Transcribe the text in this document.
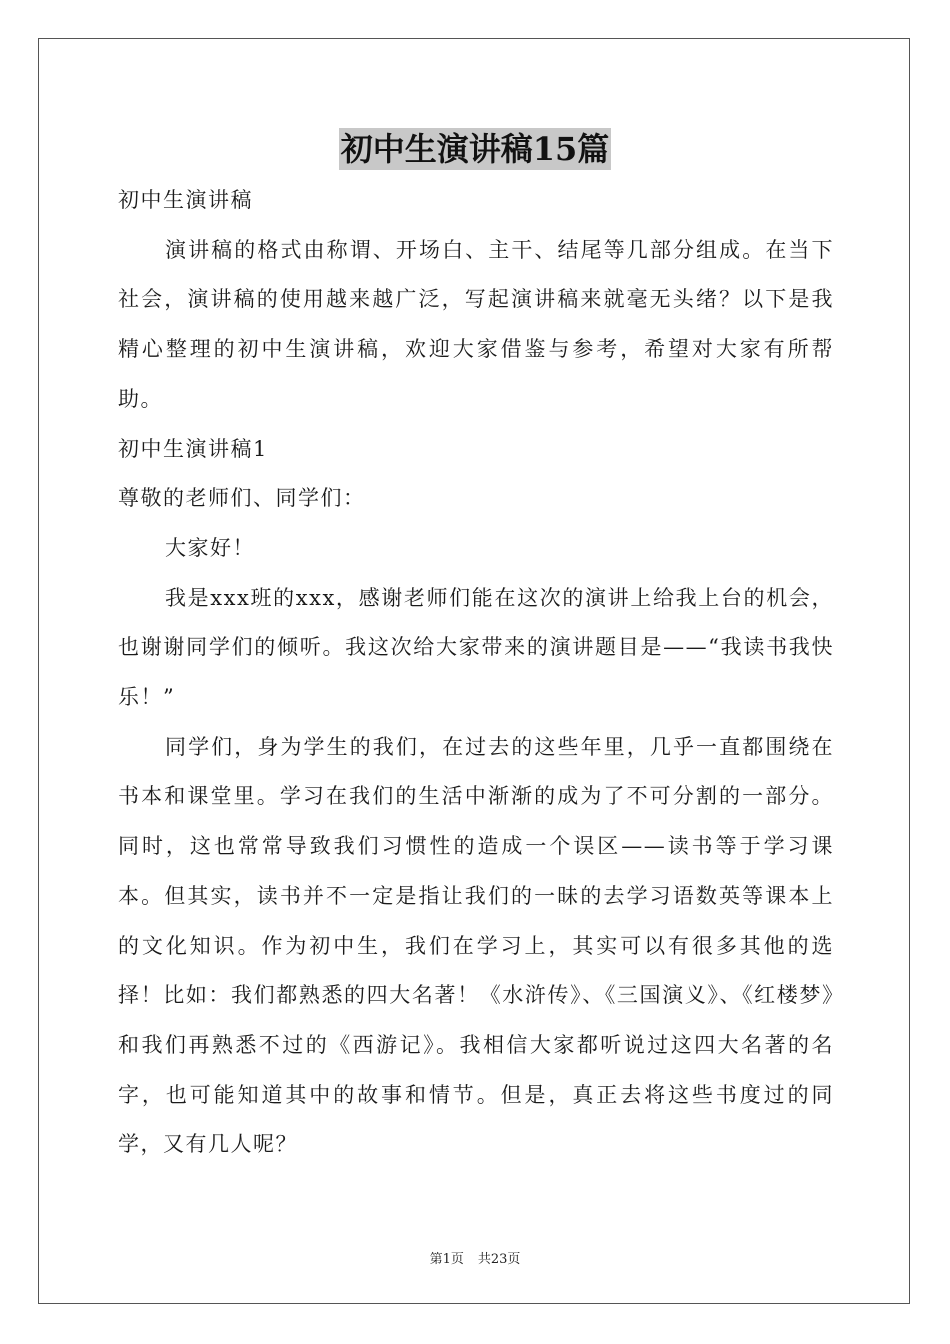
初中生演讲稿15篇

初中生演讲稿

演讲稿的格式由称谓、开场白、主干、结尾等几部分组成。在当下社会，演讲稿的使用越来越广泛，写起演讲稿来就毫无头绪？以下是我精心整理的初中生演讲稿，欢迎大家借鉴与参考，希望对大家有所帮助。

初中生演讲稿1

尊敬的老师们、同学们：

大家好！

我是xxx班的xxx，感谢老师们能在这次的演讲上给我上台的机会，也谢谢同学们的倾听。我这次给大家带来的演讲题目是——“我读书我快乐！”

同学们，身为学生的我们，在过去的这些年里，几乎一直都围绕在书本和课堂里。学习在我们的生活中渐渐的成为了不可分割的一部分。同时，这也常常导致我们习惯性的造成一个误区——读书等于学习课本。但其实，读书并不一定是指让我们的一昧的去学习语数英等课本上的文化知识。作为初中生，我们在学习上，其实可以有很多其他的选择！比如：我们都熟悉的四大名著！《水浒传》、《三国演义》、《红楼梦》和我们再熟悉不过的《西游记》。我相信大家都听说过这四大名著的名字，也可能知道其中的故事和情节。但是，真正去将这些书度过的同学，又有几人呢？

第1页 共23页
